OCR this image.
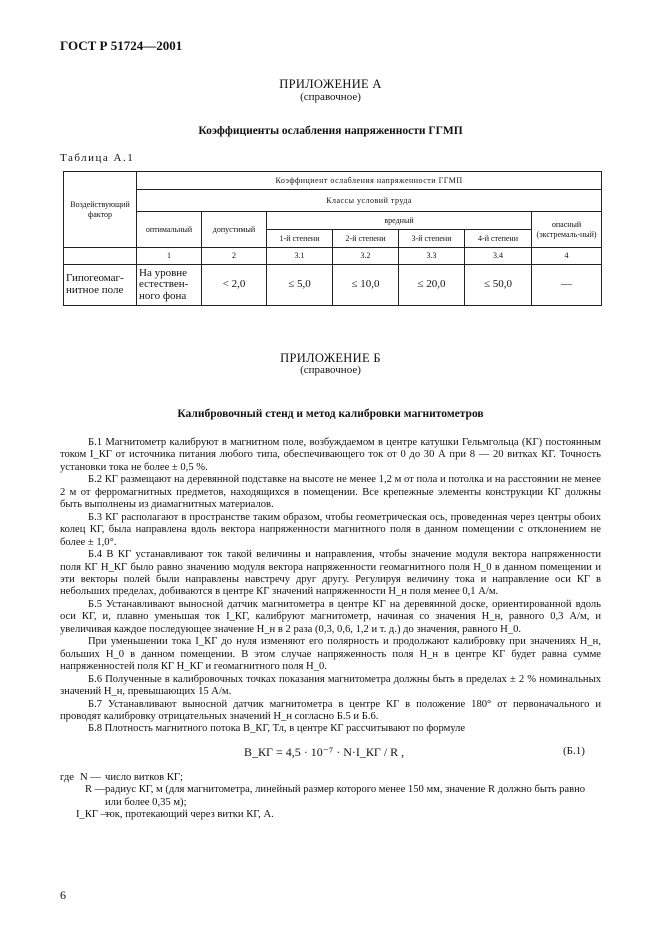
ГОСТ Р 51724—2001
ПРИЛОЖЕНИЕ А
(справочное)
Коэффициенты ослабления напряженности ГГМП
Таблица А.1
Воздействующий фактор	Коэффициент ослабления напряженности ГГМП						
	Классы условий труда						
	оптимальный	допустимый	вредный				опасный (экстремаль-ный)
			1-й степени	2-й степени	3-й степени	4-й степени	
	1	2	3.1	3.2	3.3	3.4	4
Гипогеомаг-нитное поле	На уровне естествен-ного фона	< 2,0	≤ 5,0	≤ 10,0	≤ 20,0	≤ 50,0	—
ПРИЛОЖЕНИЕ Б
(справочное)
Калибровочный стенд и метод калибровки магнитометров

Б.1 Магнитометр калибруют в магнитном поле, возбуждаемом в центре катушки Гельмгольца (КГ) постоянным током I_КГ от источника питания любого типа, обеспечивающего ток от 0 до 30 А при 8 — 20 витках КГ. Точность установки тока не более ± 0,5 %.

Б.2 КГ размещают на деревянной подставке на высоте не менее 1,2 м от пола и потолка и на расстоянии не менее 2 м от ферромагнитных предметов, находящихся в помещении. Все крепежные элементы конструкции КГ должны быть выполнены из диамагнитных материалов.

Б.3 КГ располагают в пространстве таким образом, чтобы геометрическая ось, проведенная через центры обоих колец КГ, была направлена вдоль вектора напряженности магнитного поля в данном помещении с отклонением не более ± 1,0°.

Б.4 В КГ устанавливают ток такой величины и направления, чтобы значение модуля вектора напряженности поля КГ H_КГ было равно значению модуля вектора напряженности геомагнитного поля H_0 в данном помещении и эти векторы полей были направлены навстречу друг другу. Регулируя величину тока и направление оси КГ в небольших пределах, добиваются в центре КГ значений напряженности H_н поля менее 0,1 А/м.

Б.5 Устанавливают выносной датчик магнитометра в центре КГ на деревянной доске, ориентированной вдоль оси КГ, и, плавно уменьшая ток I_КГ, калибруют магнитометр, начиная со значения H_н, равного 0,3 А/м, и увеличивая каждое последующее значение H_н в 2 раза (0,3, 0,6, 1,2 и т. д.) до значения, равного H_0.

При уменьшении тока I_КГ до нуля изменяют его полярность и продолжают калибровку при значениях H_н, больших H_0 в данном помещении. В этом случае напряженность поля H_н в центре КГ будет равна сумме напряженностей поля КГ H_КГ и геомагнитного поля H_0.

Б.6 Полученные в калибровочных точках показания магнитометра должны быть в пределах ± 2 % номинальных значений H_н, превышающих 15 А/м.

Б.7 Устанавливают выносной датчик магнитометра в центре КГ в положение 180° от первоначального и проводят калибровку отрицательных значений H_н согласно Б.5 и Б.6.

Б.8 Плотность магнитного потока B_КГ, Тл, в центре КГ рассчитывают по формуле

B_КГ = 4,5 · 10⁻⁷ · N·I_КГ / R ,	(Б.1)
где N — число витков КГ;
R — радиус КГ, м (для магнитометра, линейный размер которого менее 150 мм, значение R должно быть равно или более 0,35 м);
I_КГ —
ток, протекающий через витки КГ, А.
6
